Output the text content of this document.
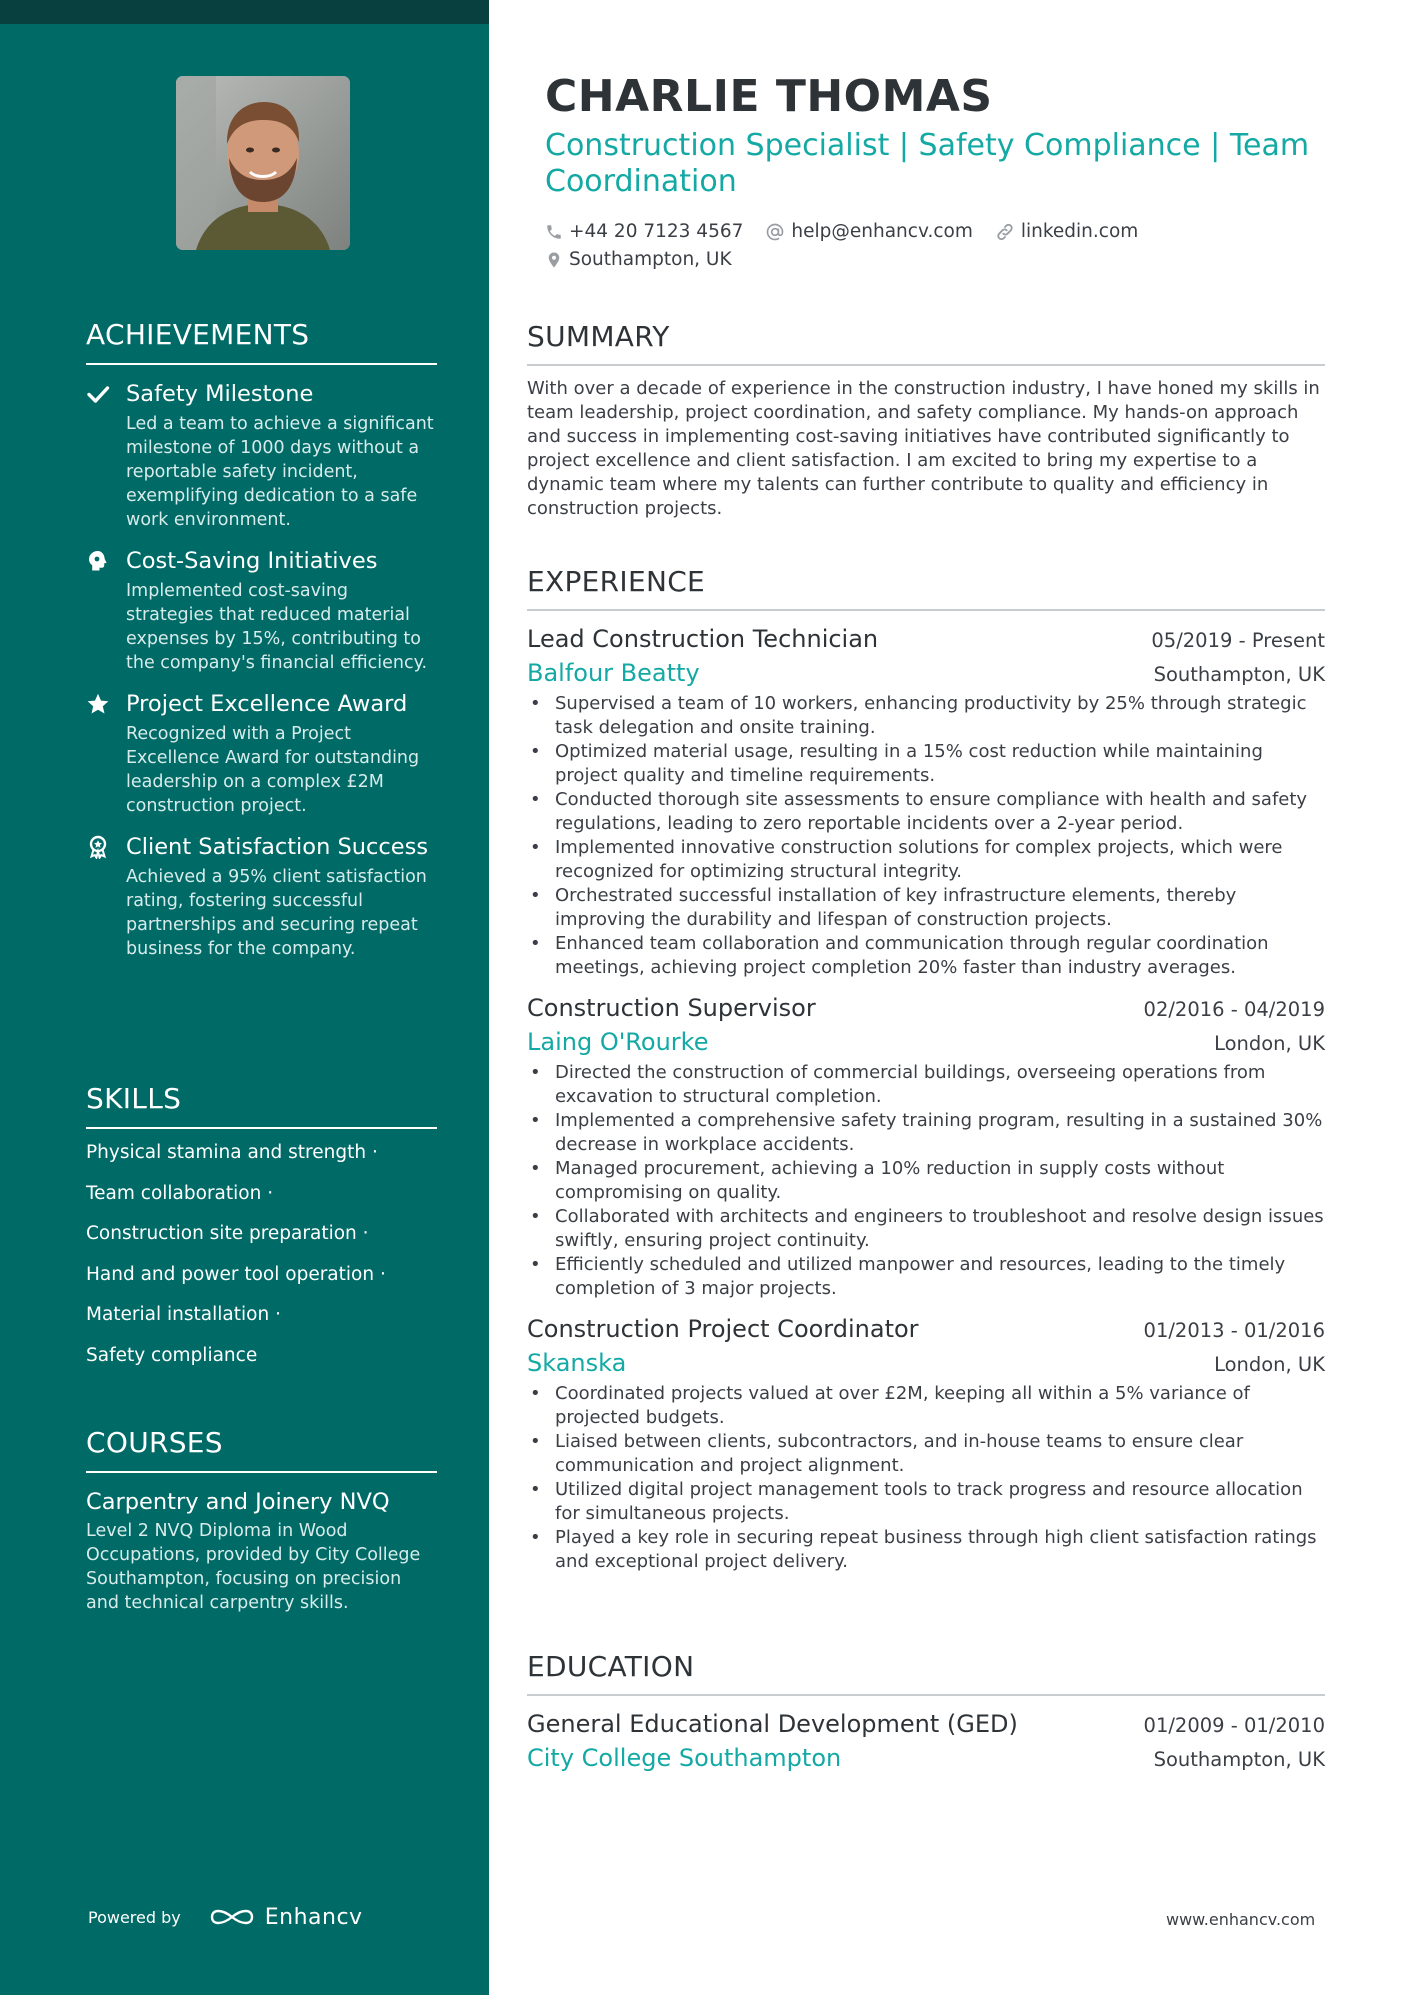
ACHIEVEMENTS
Safety Milestone
Led a team to achieve a significant milestone of 1000 days without a reportable safety incident, exemplifying dedication to a safe work environment.
Cost-Saving Initiatives
Implemented cost-saving strategies that reduced material expenses by 15%, contributing to the company's financial efficiency.
Project Excellence Award
Recognized with a Project Excellence Award for outstanding leadership on a complex £2M construction project.
Client Satisfaction Success
Achieved a 95% client satisfaction rating, fostering successful partnerships and securing repeat business for the company.
SKILLS
Physical stamina and strength ·
Team collaboration ·
Construction site preparation ·
Hand and power tool operation ·
Material installation ·
Safety compliance
COURSES
Carpentry and Joinery NVQ
Level 2 NVQ Diploma in Wood Occupations, provided by City College Southampton, focusing on precision and technical carpentry skills.
Powered by	Enhancv
CHARLIE THOMAS
Construction Specialist | Safety Compliance | Team Coordination
+44 20 7123 4567	help@enhancv.com	linkedin.com
Southampton, UK
SUMMARY

With over a decade of experience in the construction industry, I have honed my skills in team leadership, project coordination, and safety compliance. My hands-on approach and success in implementing cost-saving initiatives have contributed significantly to project excellence and client satisfaction. I am excited to bring my expertise to a dynamic team where my talents can further contribute to quality and efficiency in construction projects.

EXPERIENCE
Lead Construction Technician	05/2019 - Present
Balfour Beatty	Southampton, UK
• Supervised a team of 10 workers, enhancing productivity by 25% through strategic task delegation and onsite training.
• Optimized material usage, resulting in a 15% cost reduction while maintaining project quality and timeline requirements.
• Conducted thorough site assessments to ensure compliance with health and safety regulations, leading to zero reportable incidents over a 2-year period.
• Implemented innovative construction solutions for complex projects, which were recognized for optimizing structural integrity.
• Orchestrated successful installation of key infrastructure elements, thereby improving the durability and lifespan of construction projects.
• Enhanced team collaboration and communication through regular coordination meetings, achieving project completion 20% faster than industry averages.
Construction Supervisor	02/2016 - 04/2019
Laing O'Rourke	London, UK
• Directed the construction of commercial buildings, overseeing operations from excavation to structural completion.
• Implemented a comprehensive safety training program, resulting in a sustained 30% decrease in workplace accidents.
• Managed procurement, achieving a 10% reduction in supply costs without compromising on quality.
• Collaborated with architects and engineers to troubleshoot and resolve design issues swiftly, ensuring project continuity.
• Efficiently scheduled and utilized manpower and resources, leading to the timely completion of 3 major projects.
Construction Project Coordinator	01/2013 - 01/2016
Skanska	London, UK
• Coordinated projects valued at over £2M, keeping all within a 5% variance of projected budgets.
• Liaised between clients, subcontractors, and in-house teams to ensure clear communication and project alignment.
• Utilized digital project management tools to track progress and resource allocation for simultaneous projects.
• Played a key role in securing repeat business through high client satisfaction ratings and exceptional project delivery.
EDUCATION
General Educational Development (GED)	01/2009 - 01/2010
City College Southampton	Southampton, UK
www.enhancv.com
